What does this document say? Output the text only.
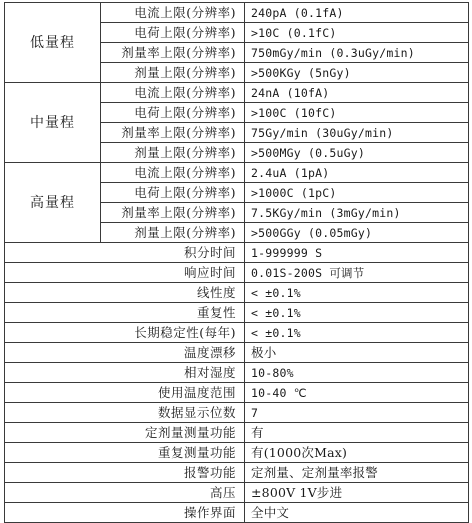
低量程	电流上限(分辨率)	240pA (0.1fA)
	电荷上限(分辨率)	>10C (0.1fC)
	剂量率上限(分辨率)	750mGy/min (0.3uGy/min)
	剂量上限(分辨率)	>500KGy (5nGy)
中量程	电流上限(分辨率)	24nA (10fA)
	电荷上限(分辨率)	>100C (10fC)
	剂量率上限(分辨率)	75Gy/min (30uGy/min)
	剂量上限(分辨率)	>500MGy (0.5uGy)
高量程	电流上限(分辨率)	2.4uA (1pA)
	电荷上限(分辨率)	>1000C (1pC)
	剂量率上限(分辨率)	7.5KGy/min (3mGy/min)
	剂量上限(分辨率)	>500GGy (0.05mGy)
积分时间		1-999999 S
响应时间		0.01S-200S 可调节
线性度		< ±0.1%
重复性		< ±0.1%
长期稳定性(每年)		< ±0.1%
温度漂移		极小
相对湿度		10-80%
使用温度范围		10-40 ℃
数据显示位数		7
定剂量测量功能		有
重复测量功能		有(1000次Max)
报警功能		定剂量、定剂量率报警
高压		±800V 1V步进
操作界面		全中文
